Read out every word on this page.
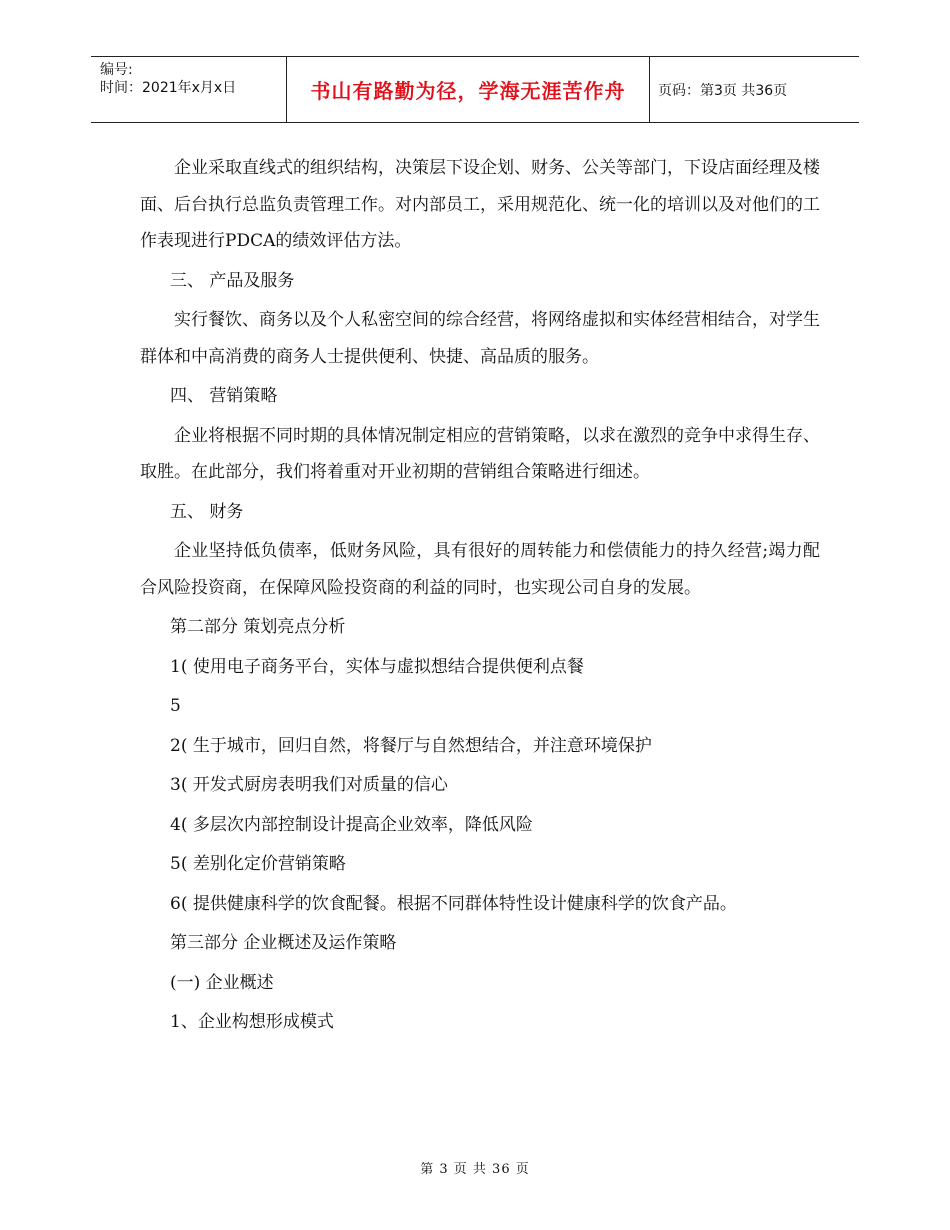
编号:
时间：2021年x月x日	书山有路勤为径，学海无涯苦作舟	页码：第3页 共36页

企业采取直线式的组织结构，决策层下设企划、财务、公关等部门，下设店面经理及楼面、后台执行总监负责管理工作。对内部员工，采用规范化、统一化的培训以及对他们的工作表现进行PDCA的绩效评估方法。

三、 产品及服务

实行餐饮、商务以及个人私密空间的综合经营，将网络虚拟和实体经营相结合，对学生群体和中高消费的商务人士提供便利、快捷、高品质的服务。

四、 营销策略

企业将根据不同时期的具体情况制定相应的营销策略，以求在激烈的竞争中求得生存、取胜。在此部分，我们将着重对开业初期的营销组合策略进行细述。

五、 财务

企业坚持低负债率，低财务风险，具有很好的周转能力和偿债能力的持久经营;竭力配合风险投资商，在保障风险投资商的利益的同时，也实现公司自身的发展。

第二部分 策划亮点分析
1( 使用电子商务平台，实体与虚拟想结合提供便利点餐
5
2( 生于城市，回归自然，将餐厅与自然想结合，并注意环境保护
3( 开发式厨房表明我们对质量的信心
4( 多层次内部控制设计提高企业效率，降低风险
5( 差别化定价营销策略
6( 提供健康科学的饮食配餐。根据不同群体特性设计健康科学的饮食产品。
第三部分 企业概述及运作策略
(一) 企业概述
1、企业构想形成模式
第 3 页 共 36 页
